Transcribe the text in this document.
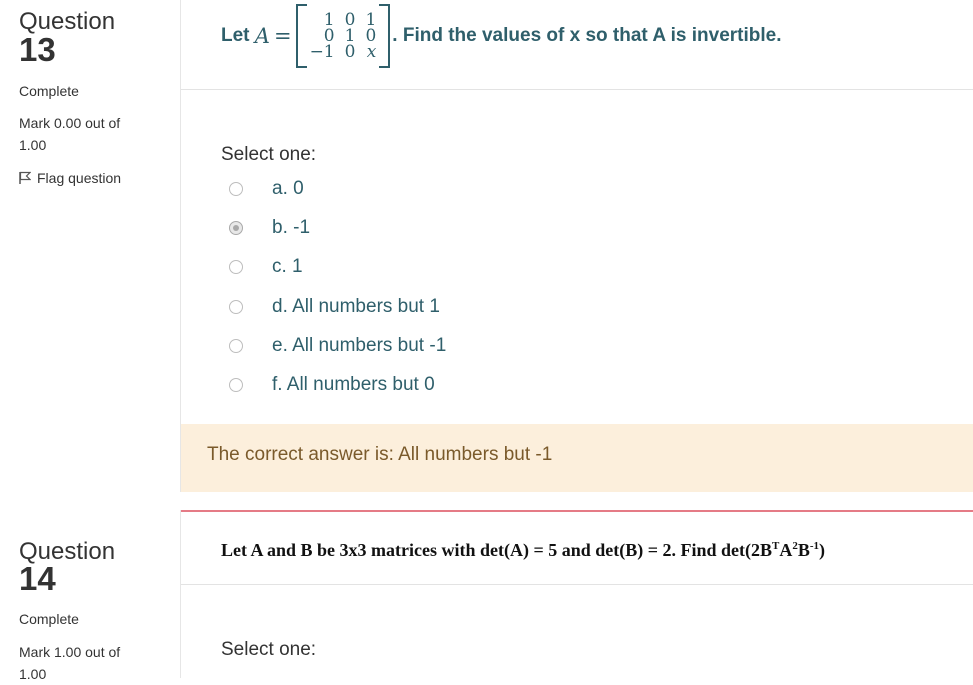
Question
13
Complete
Mark 0.00 out of 1.00
Flag question
Let
A =
1 0 1
0 1 0
−1 0 x
. Find the values of x so that A is invertible.
Select one:
a. 0
b. -1
c. 1
d. All numbers but 1
e. All numbers but -1
f. All numbers but 0
The correct answer is: All numbers but -1
Question
14
Complete
Mark 1.00 out of 1.00
Let A and B be 3x3 matrices with det(A) = 5 and det(B) = 2. Find $\det(2B^TA^2B^{-1})$
Select one:
